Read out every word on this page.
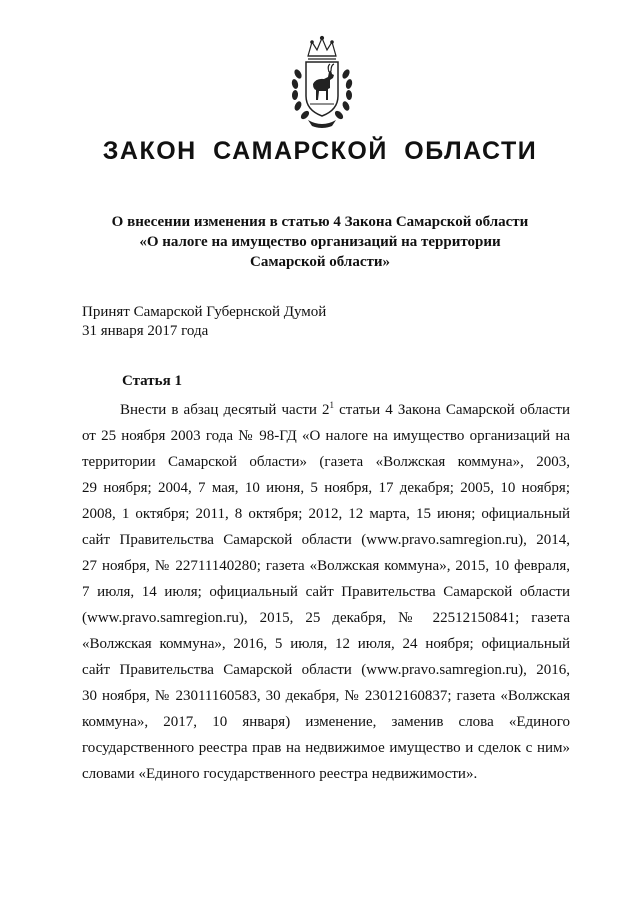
ЗАКОН САМАРСКОЙ ОБЛАСТИ
О внесении изменения в статью 4 Закона Самарской области
«О налоге на имущество организаций на территории
Самарской области»
Принят Самарской Губернской Думой
31 января 2017 года
Статья 1
Внести в абзац десятый части $2^1$ статьи 4 Закона Самарской области
от 25 ноября 2003 года № 98-ГД «О налоге на имущество организаций на
территории Самарской области» (газета «Волжская коммуна», 2003,
29 ноября; 2004, 7 мая, 10 июня, 5 ноября, 17 декабря; 2005, 10 ноября;
2008, 1 октября; 2011, 8 октября; 2012, 12 марта, 15 июня; официальный
сайт Правительства Самарской области (www.pravo.samregion.ru), 2014,
27 ноября, № 22711140280; газета «Волжская коммуна», 2015, 10 февраля,
7 июля, 14 июля; официальный сайт Правительства Самарской области
(www.pravo.samregion.ru), 2015, 25 декабря, № 22512150841; газета
«Волжская коммуна», 2016, 5 июля, 12 июля, 24 ноября; официальный
сайт Правительства Самарской области (www.pravo.samregion.ru), 2016,
30 ноября, № 23011160583, 30 декабря, № 23012160837; газета «Волжская
коммуна», 2017, 10 января) изменение, заменив слова «Единого
государственного реестра прав на недвижимое имущество и сделок с ним»
словами «Единого государственного реестра недвижимости».
